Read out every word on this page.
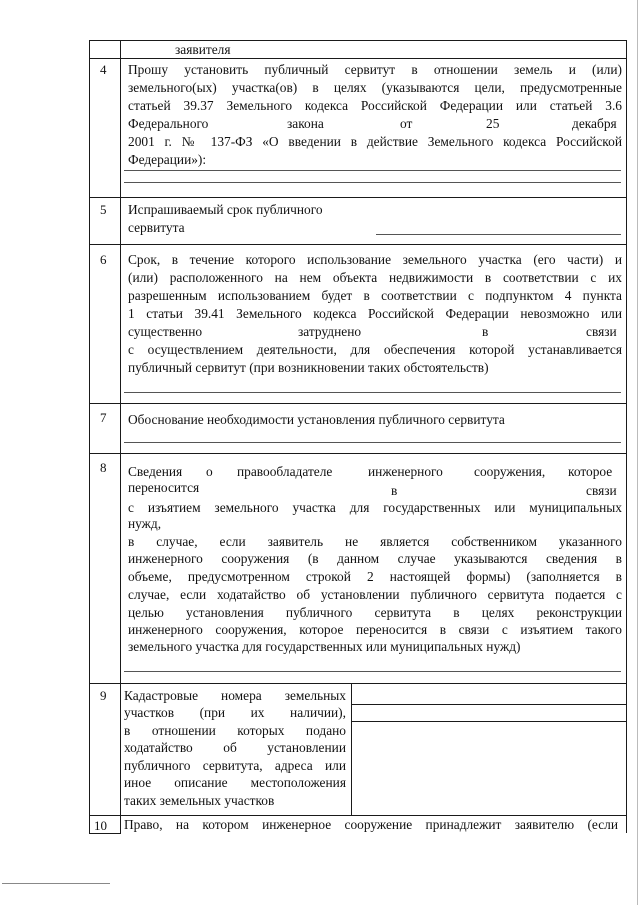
заявителя
4 Прошу установить публичный сервитут в отношении земель и (или)
земельного(ых) участка(ов) в целях (указываются цели, предусмотренные
статьей 39.37 Земельного кодекса Российской Федерации или статьей 3.6
Федерального	закона	от	25	декабря
2001 г. № 137-ФЗ «О введении в действие Земельного кодекса Российской
Федерации»):
5 Испрашиваемый срок публичного
сервитута
6 Срок, в течение которого использование земельного участка (его части) и
(или) расположенного на нем объекта недвижимости в соответствии с их
разрешенным использованием будет в соответствии с подпунктом 4 пункта
1 статьи 39.41 Земельного кодекса Российской Федерации невозможно или
существенно	затруднено	в	связи
с осуществлением деятельности, для обеспечения которой устанавливается
публичный сервитут (при возникновении таких обстоятельств)
7 Обоснование необходимости установления публичного сервитута
8 Сведения о правообладателе	инженерного сооружения, которое
переносится	в	связи
с изъятием земельного участка для государственных или муниципальных
нужд,
в случае, если заявитель не является собственником указанного
инженерного сооружения (в данном случае указываются сведения в
объеме, предусмотренном строкой 2 настоящей формы) (заполняется в
случае, если ходатайство об установлении публичного сервитута подается с
целью установления публичного сервитута в целях реконструкции
инженерного сооружения, которое переносится в связи с изъятием такого
земельного участка для государственных или муниципальных нужд)
9 Кадастровые номера земельных
участков (при их наличии),
в отношении которых подано
ходатайство об установлении
публичного сервитута, адреса или
иное описание местоположения
таких земельных участков
10 Право, на котором инженерное сооружение принадлежит заявителю (если
